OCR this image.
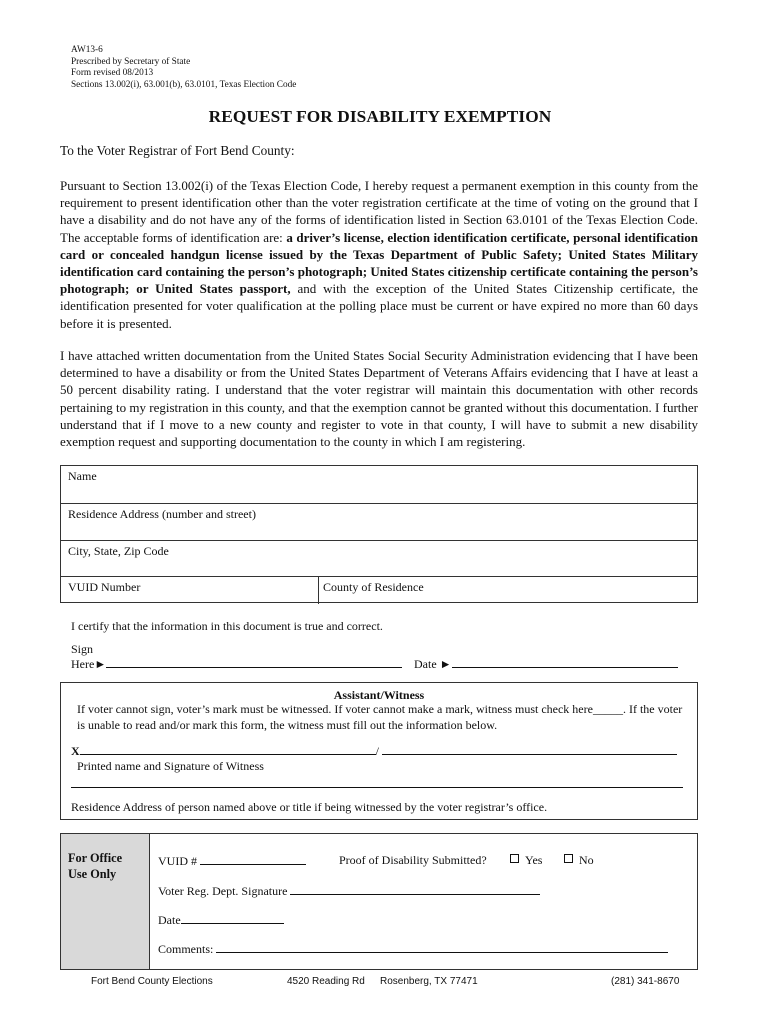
AW13-6
Prescribed by Secretary of State
Form revised 08/2013
Sections 13.002(i), 63.001(b), 63.0101, Texas Election Code
REQUEST FOR DISABILITY EXEMPTION
To the Voter Registrar of Fort Bend County:
Pursuant to Section 13.002(i) of the Texas Election Code, I hereby request a permanent exemption in this county from the requirement to present identification other than the voter registration certificate at the time of voting on the ground that I have a disability and do not have any of the forms of identification listed in Section 63.0101 of the Texas Election Code. The acceptable forms of identification are: a driver’s license, election identification certificate, personal identification card or concealed handgun license issued by the Texas Department of Public Safety; United States Military identification card containing the person’s photograph; United States citizenship certificate containing the person’s photograph; or United States passport, and with the exception of the United States Citizenship certificate, the identification presented for voter qualification at the polling place must be current or have expired no more than 60 days before it is presented.
I have attached written documentation from the United States Social Security Administration evidencing that I have been determined to have a disability or from the United States Department of Veterans Affairs evidencing that I have at least a 50 percent disability rating. I understand that the voter registrar will maintain this documentation with other records pertaining to my registration in this county, and that the exemption cannot be granted without this documentation. I further understand that if I move to a new county and register to vote in that county, I will have to submit a new disability exemption request and supporting documentation to the county in which I am registering.
Name
Residence Address (number and street)
City, State, Zip Code
VUID Number	County of Residence
I certify that the information in this document is true and correct.
Sign
Here►	Date ►
Assistant/Witness
If voter cannot sign, voter’s mark must be witnessed. If voter cannot make a mark, witness must check here_____. If the voter is unable to read and/or mark this form, the witness must fill out the information below.
X	/
Printed name and Signature of Witness
Residence Address of person named above or title if being witnessed by the voter registrar’s office.
For Office
Use Only
VUID #	Proof of Disability Submitted?	Yes	No
Voter Reg. Dept. Signature
Date
Comments:
Fort Bend County Elections	4520 Reading Rd Rosenberg, TX 77471	(281) 341-8670
